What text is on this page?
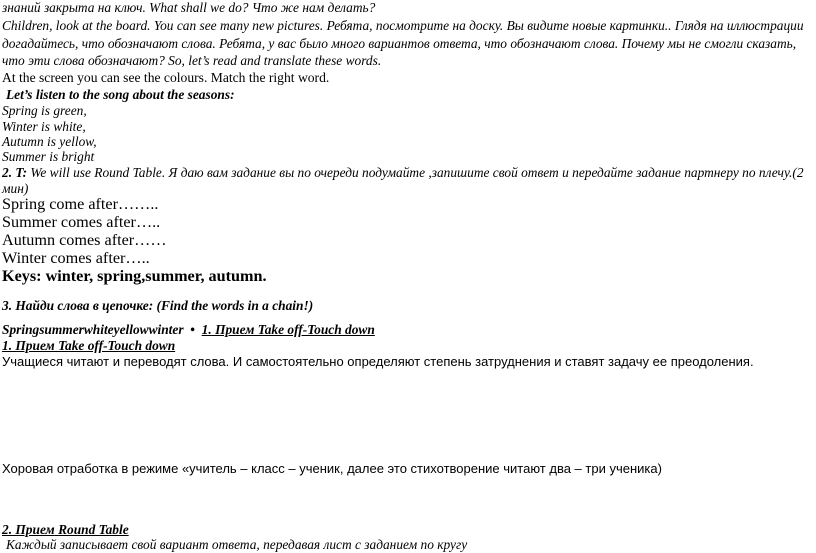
знаний закрыта на ключ. What shall we do? Что же нам делать?

Children, look at the board. You can see many new pictures. Ребята, посмотрите на доску. Вы видите новые картинки.. Глядя на иллюстрации

догадайтесь, что обозначают слова. Ребята, у вас было много вариантов ответа, что обозначают слова. Почему мы не смогли сказать,

что эти слова обозначают? So, let’s read and translate these words.

At the screen you can see the colours. Match the right word.

Let’s listen to the song about the seasons:

Spring is green,

Winter is white,

Autumn is yellow,

Summer is bright

2. T: We will use Round Table. Я даю вам задание вы по очереди подумайте ,запишите свой ответ и передайте задание партнеру по плечу.(2

мин)

Spring come after……..

Summer comes after…..

Autumn comes after……

Winter comes after…..

Keys: winter, spring,summer, autumn.

3. Найди слова в цепочке: (Find the words in a chain!)

Springsummerwhiteyellowwinter • 1. Прием Take off-Touch down

1. Прием Take off-Touch down

Учащиеся читают и переводят слова. И самостоятельно определяют степень затруднения и ставят задачу ее преодоления.

Хоровая отработка в режиме «учитель – класс – ученик, далее это стихотворение читают два – три ученика)

2. Прием Round Table

Каждый записывает свой вариант ответа, передавая лист с заданием по кругу
